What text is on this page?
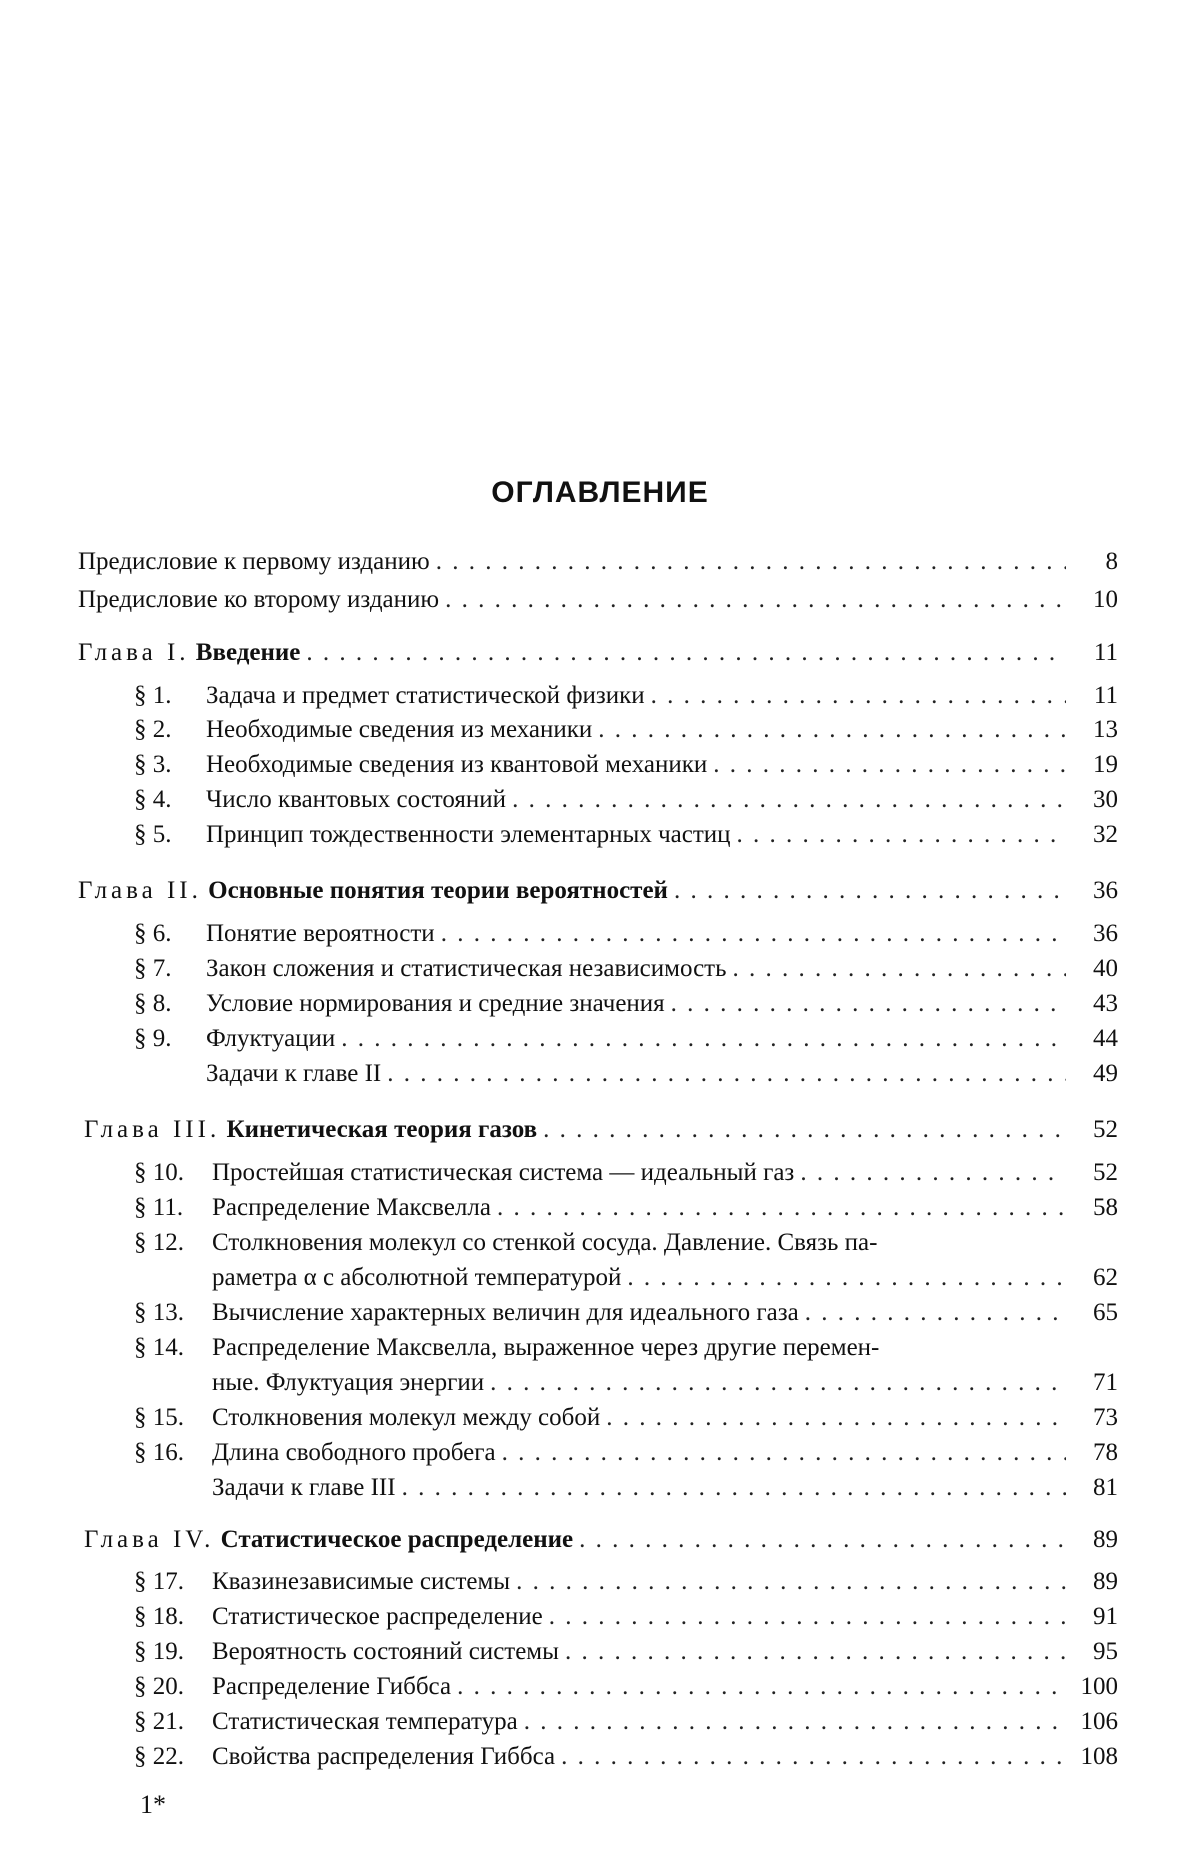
ОГЛАВЛЕНИЕ
Предисловие к первому изданию . . .	8
Предисловие ко второму изданию . . .	10
Глава I. Введение . . .	11
§ 1.	Задача и предмет статистической физики . . .	11
§ 2.	Необходимые сведения из механики . . .	13
§ 3.	Необходимые сведения из квантовой механики . . .	19
§ 4.	Число квантовых состояний . . .	30
§ 5.	Принцип тождественности элементарных частиц . . .	32
Глава II. Основные понятия теории вероятностей . . .	36
§ 6.	Понятие вероятности . . .	36
§ 7.	Закон сложения и статистическая независимость . . .	40
§ 8.	Условие нормирования и средние значения . . .	43
§ 9.	Флуктуации . . .	44
Задачи к главе II . . .	49
Глава III. Кинетическая теория газов . . .	52
§ 10.	Простейшая статистическая система — идеальный газ . . .	52
§ 11.	Распределение Максвелла . . .	58
§ 12. Столкновения молекул со стенкой сосуда. Давление. Связь па-
раметра α с абсолютной температурой . . .	62
§ 13.	Вычисление характерных величин для идеального газа . . .	65
§ 14. Распределение Максвелла, выраженное через другие перемен-
ные. Флуктуация энергии . . .	71
§ 15.	Столкновения молекул между собой . . .	73
§ 16.	Длина свободного пробега . . .	78
Задачи к главе III . . .	81
Глава IV. Статистическое распределение . . .	89
§ 17.	Квазинезависимые системы . . .	89
§ 18.	Статистическое распределение . . .	91
§ 19.	Вероятность состояний системы . . .	95
§ 20.	Распределение Гиббса . . .	100
§ 21.	Статистическая температура . . .	106
§ 22.	Свойства распределения Гиббса . . .	108
1*
